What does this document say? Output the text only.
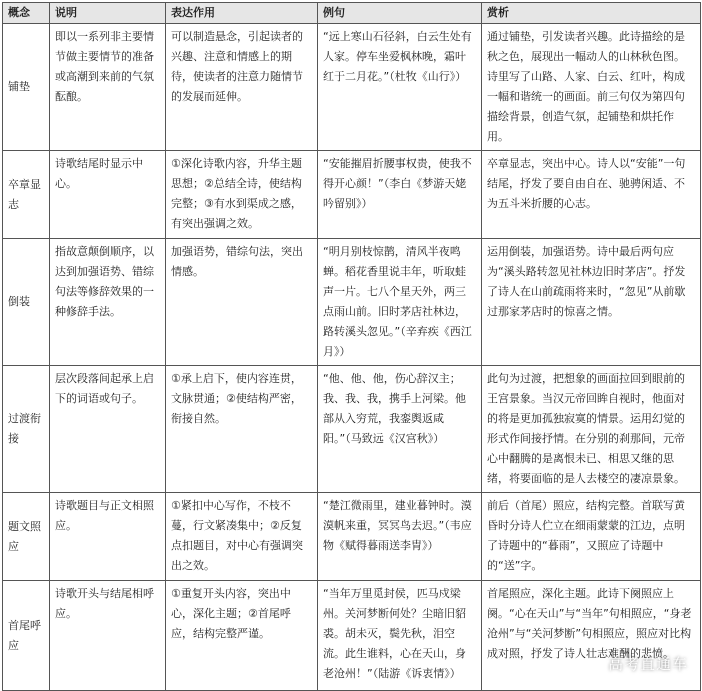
概念	说明	表达作用	例句	赏析
铺垫	即以一系列非主要情节做主要情节的准备或高潮到来前的气氛酝酿。	可以制造悬念，引起读者的兴趣、注意和情感上的期待，使读者的注意力随情节的发展而延伸。	“远上寒山石径斜，白云生处有人家。停车坐爱枫林晚，霜叶红于二月花。”（杜牧《山行》）	通过铺垫，引发读者兴趣。此诗描绘的是秋之色，展现出一幅动人的山林秋色图。诗里写了山路、人家、白云、红叶，构成一幅和谐统一的画面。前三句仅为第四句描绘背景，创造气氛，起铺垫和烘托作用。
卒章显志	诗歌结尾时显示中心。	①深化诗歌内容，升华主题思想；②总结全诗，使结构完整；③有水到渠成之感，有突出强调之效。	“安能摧眉折腰事权贵，使我不得开心颜！”（李白《梦游天姥吟留别》）	卒章显志，突出中心。诗人以“安能”一句结尾，抒发了要自由自在、驰骋闲适、不为五斗米折腰的心志。
倒装	指故意颠倒顺序，以达到加强语势、错综句法等修辞效果的一种修辞手法。	加强语势，错综句法，突出情感。	“明月别枝惊鹊，清风半夜鸣蝉。稻花香里说丰年，听取蛙声一片。七八个星天外，两三点雨山前。旧时茅店社林边，路转溪头忽见。”（辛弃疾《西江月》）	运用倒装，加强语势。诗中最后两句应为“溪头路转忽见社林边旧时茅店”。抒发了诗人在山前疏雨将来时，“忽见”从前歇过那家茅店时的惊喜之情。
过渡衔接	层次段落间起承上启下的词语或句子。	①承上启下，使内容连贯，文脉贯通；②使结构严密，衔接自然。	“他、他、他，伤心辞汉主；我、我、我，携手上河梁。他部从入穷荒，我銮舆返咸阳。”（马致远《汉宫秋》）	此句为过渡，把想象的画面拉回到眼前的王宫景象。当汉元帝回眸自视时，他面对的将是更加孤独寂寞的情景。运用幻觉的形式作间接抒情。在分别的刹那间，元帝心中翻腾的是离恨未已、相思又继的思绪，将要面临的是人去楼空的凄凉景象。
题文照应	诗歌题目与正文相照应。	①紧扣中心写作，不枝不蔓，行文紧凑集中；②反复点扣题目，对中心有强调突出之效。	“楚江微雨里，建业暮钟时。漠漠帆来重，冥冥鸟去迟。”（韦应物《赋得暮雨送李胄》）	前后（首尾）照应，结构完整。首联写黄昏时分诗人伫立在细雨蒙蒙的江边，点明了诗题中的“暮雨”，又照应了诗题中的“送”字。
首尾呼应	诗歌开头与结尾相呼应。	①重复开头内容，突出中心，深化主题；②首尾呼应，结构完整严谨。	“当年万里觅封侯，匹马戍梁州。关河梦断何处？尘暗旧貂裘。胡未灭，鬓先秋，泪空流。此生谁料，心在天山，身老沧州！”（陆游《诉衷情》）	首尾照应，深化主题。此诗下阕照应上阕。“心在天山”与“当年”句相照应，“身老沧州”与“关河梦断”句相照应，照应对比构成对照，抒发了诗人壮志难酬的悲愤。
高考直通车
